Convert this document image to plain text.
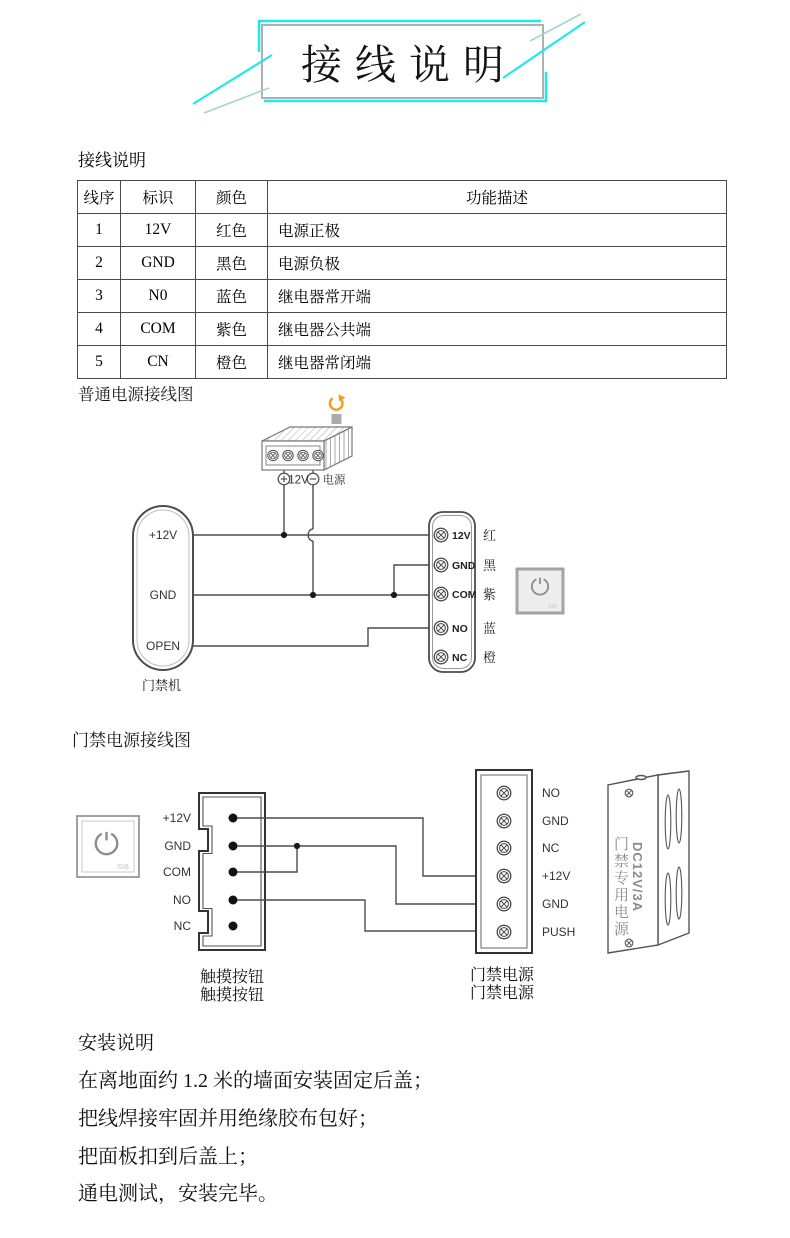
接线说明
接线说明
线序	标识	颜色	功能描述
1	12V	红色	电源正极
2	GND	黑色	电源负极
3	N0	蓝色	继电器常开端
4	COM	紫色	继电器公共端
5	CN	橙色	继电器常闭端
普通电源接线图
12V 电源
+12V
GND
OPEN
门禁机
12V
GND
COM
NO
NC
红
黑
紫
蓝
橙
SIB
门禁电源接线图
SIB
+12V
GND
COM
NO
NC
NO
GND
NC
+12V
GND
PUSH
触摸按钮
触摸按钮
门禁电源
门禁电源
门禁专用电源 DC12V/3A
安装说明
在离地面约 1.2 米的墙面安装固定后盖；
把线焊接牢固并用绝缘胶布包好；
把面板扣到后盖上；
通电测试，安装完毕。
